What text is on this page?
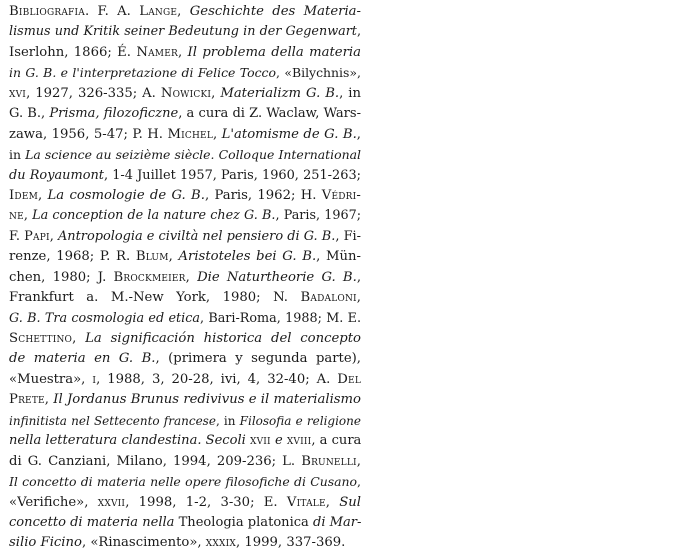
Bibliografia. F. A. Lange, Geschichte des Materia-
lismus und Kritik seiner Bedeutung in der Gegenwart,
Iserlohn, 1866; É. Namer, Il problema della materia
in G. B. e l'interpretazione di Felice Tocco, «Bilychnis»,
xvi, 1927, 326-335; A. Nowicki, Materializm G. B., in
G. B., Prisma, filozoficzne, a cura di Z. Waclaw, Wars-
zawa, 1956, 5-47; P. H. Michel, L'atomisme de G. B.,
in La science au seizième siècle. Colloque International
du Royaumont, 1-4 Juillet 1957, Paris, 1960, 251-263;
Idem, La cosmologie de G. B., Paris, 1962; H. Védri-
ne, La conception de la nature chez G. B., Paris, 1967;
F. Papi, Antropologia e civiltà nel pensiero di G. B., Fi-
renze, 1968; P. R. Blum, Aristoteles bei G. B., Mün-
chen, 1980; J. Brockmeier, Die Naturtheorie G. B.,
Frankfurt a. M.-New York, 1980; N. Badaloni,
G. B. Tra cosmologia ed etica, Bari-Roma, 1988; M. E.
Schettino, La significación historica del concepto
de materia en G. B., (primera y segunda parte),
«Muestra», i, 1988, 3, 20-28, ivi, 4, 32-40; A. Del
Prete, Il Jordanus Brunus redivivus e il materialismo
infinitista nel Settecento francese, in Filosofia e religione
nella letteratura clandestina. Secoli xvii e xviii, a cura
di G. Canziani, Milano, 1994, 209-236; L. Brunelli,
Il concetto di materia nelle opere filosofiche di Cusano,
«Verifiche», xxvii, 1998, 1-2, 3-30; E. Vitale, Sul
concetto di materia nella Theologia platonica di Mar-
silio Ficino, «Rinascimento», xxxix, 1999, 337-369.
